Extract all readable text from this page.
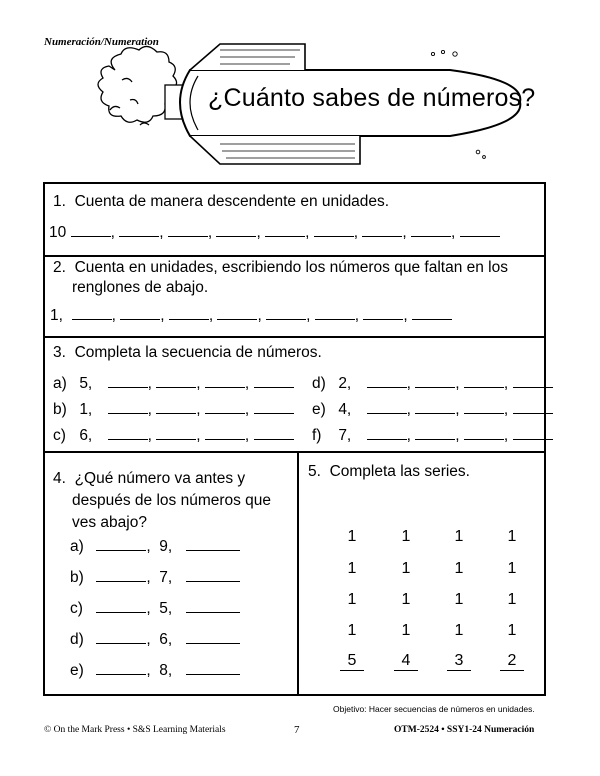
Numeración/Numeration
¿Cuánto sabes de números?
1. Cuenta de manera descendente en unidades.
10	,	,	,	,	,	,	,	,
2. Cuenta en unidades, escribiendo los números que faltan en los
renglones de abajo.
1,	,	,	,	,	,	,	,
3. Completa la secuencia de números.
a) 5,	,	,	,
b) 1,	,	,	,
c) 6,	,	,	,
d) 2,	,	,	,
e) 4,	,	,	,
f) 7,	,	,	,
4. ¿Qué número va antes y
después de los números que
ves abajo?
a)	,  9,
b)	,  7,
c)	,  5,
d)	,  6,
e)	,  8,
5. Completa las series.
1	1	1	1
1	1	1	1
1	1	1	1
1	1	1	1
5	4	3	2
Objetivo: Hacer secuencias de números en unidades.
© On the Mark Press • S&S Learning Materials	7	OTM-2524 • SSY1-24 Numeración
